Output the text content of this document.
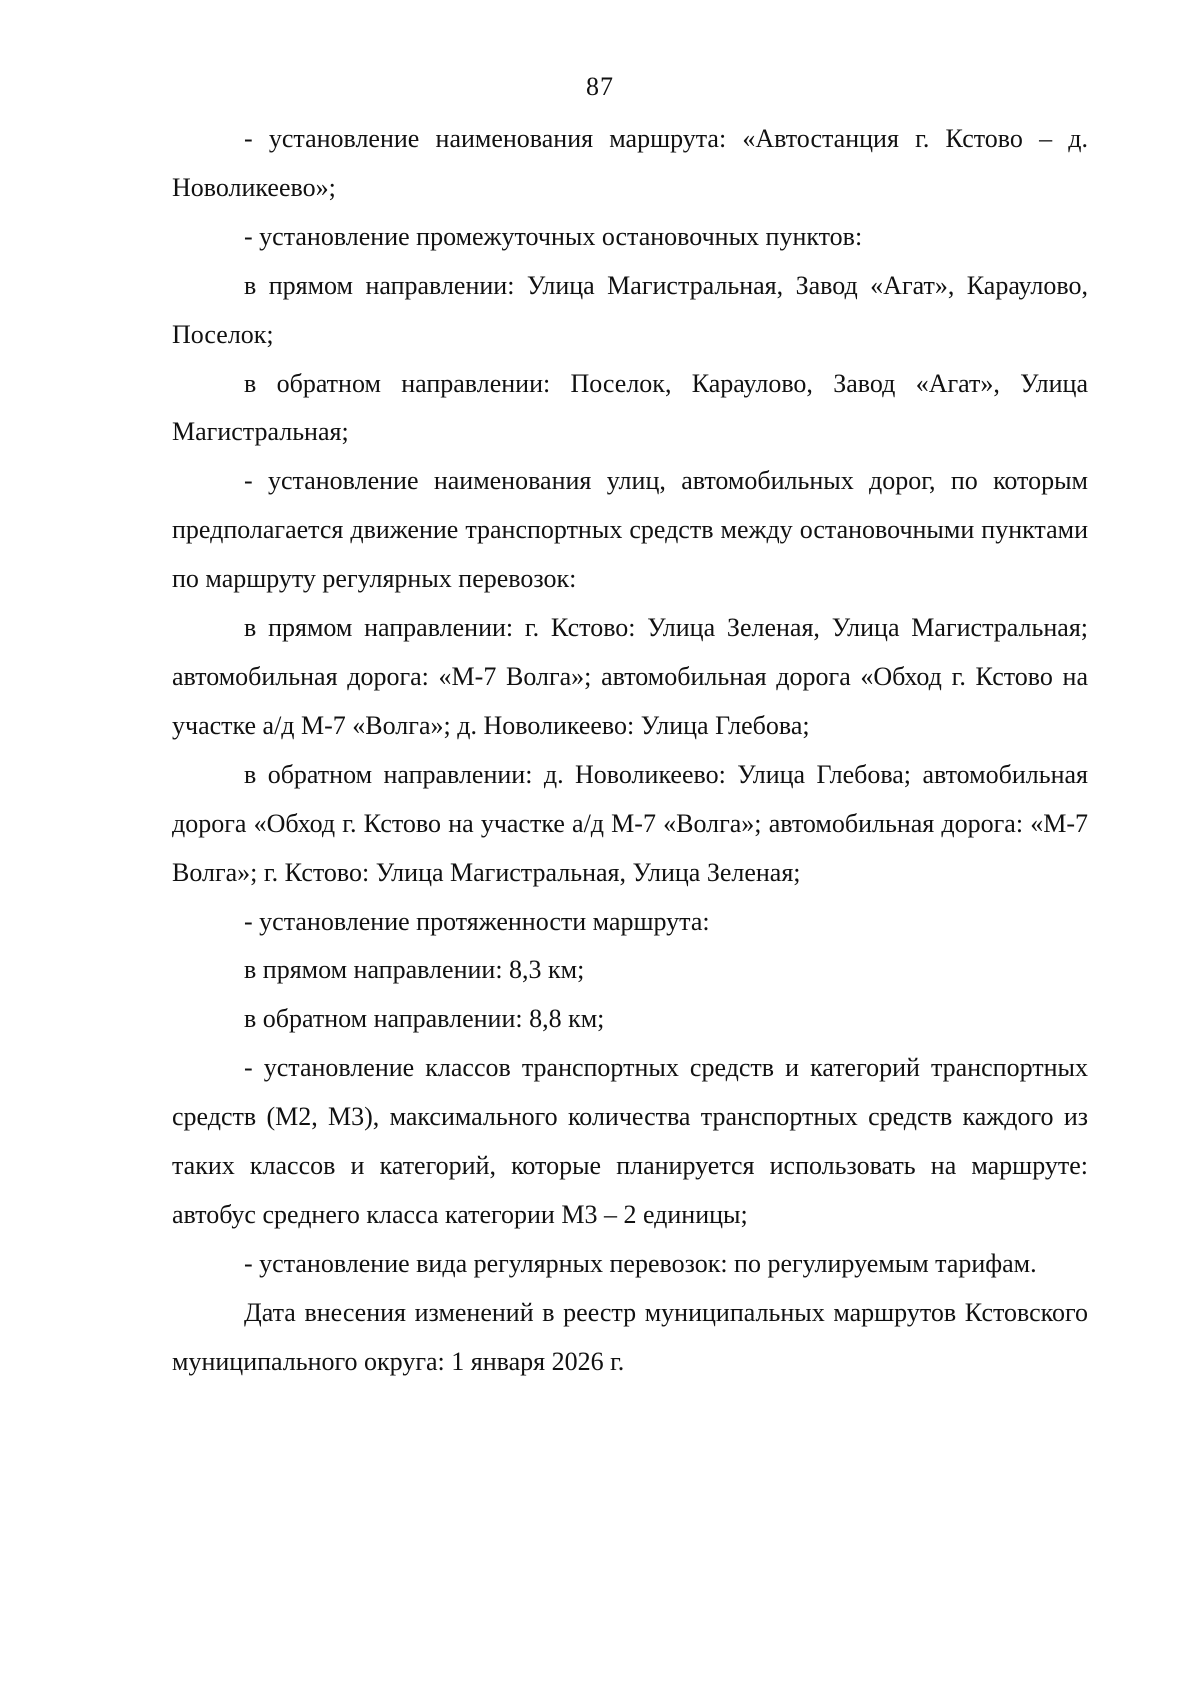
87

- установление наименования маршрута: «Автостанция г. Кстово – д. Новоликеево»;

- установление промежуточных остановочных пунктов:

в прямом направлении: Улица Магистральная, Завод «Агат», Караулово, Поселок;

в обратном направлении: Поселок, Караулово, Завод «Агат», Улица Магистральная;

- установление наименования улиц, автомобильных дорог, по которым предполагается движение транспортных средств между остановочными пунктами по маршруту регулярных перевозок:

в прямом направлении: г. Кстово: Улица Зеленая, Улица Магистральная; автомобильная дорога: «М-7 Волга»; автомобильная дорога «Обход г. Кстово на участке а/д М-7 «Волга»; д. Новоликеево: Улица Глебова;

в обратном направлении: д. Новоликеево: Улица Глебова; автомобильная дорога «Обход г. Кстово на участке а/д М-7 «Волга»; автомобильная дорога: «М-7 Волга»; г. Кстово: Улица Магистральная, Улица Зеленая;

- установление протяженности маршрута:

в прямом направлении: 8,3 км;

в обратном направлении: 8,8 км;

- установление классов транспортных средств и категорий транспортных средств (М2, М3), максимального количества транспортных средств каждого из таких классов и категорий, которые планируется использовать на маршруте: автобус среднего класса категории М3 – 2 единицы;

- установление вида регулярных перевозок: по регулируемым тарифам.

Дата внесения изменений в реестр муниципальных маршрутов Кстовского муниципального округа: 1 января 2026 г.
